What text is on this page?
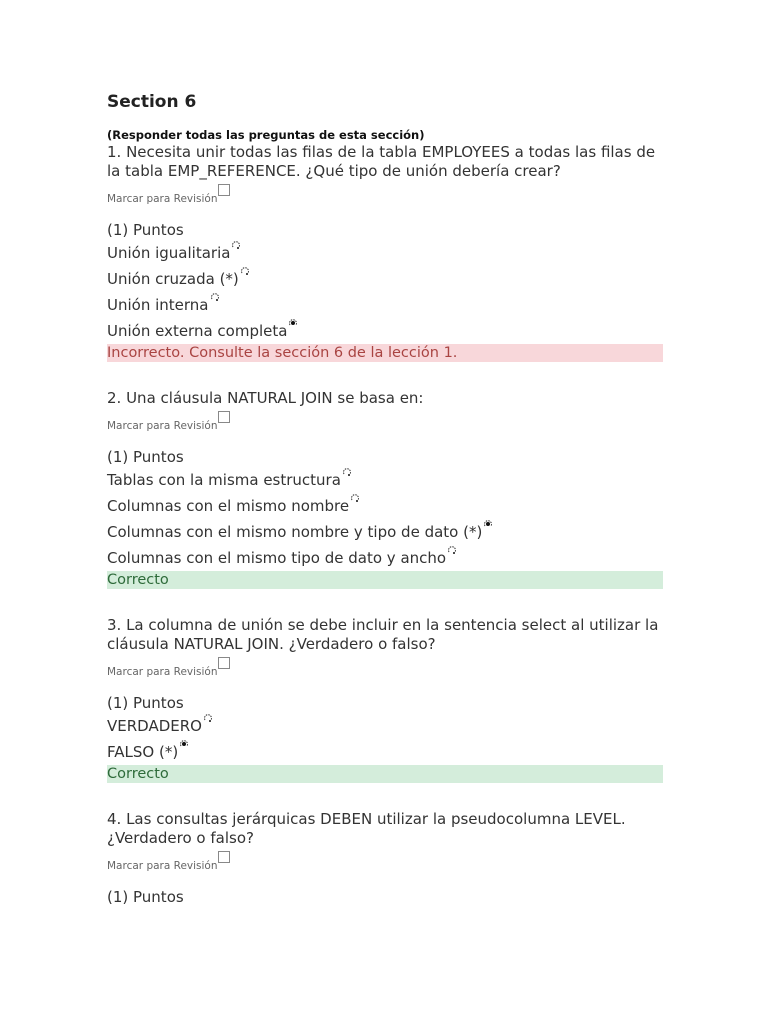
Section 6
(Responder todas las preguntas de esta sección)
1. Necesita unir todas las filas de la tabla EMPLOYEES a todas las filas de la tabla EMP_REFERENCE. ¿Qué tipo de unión debería crear?
Marcar para Revisión
(1) Puntos
Unión igualitaria
Unión cruzada (*)
Unión interna
Unión externa completa
Incorrecto. Consulte la sección 6 de la lección 1.
2. Una cláusula NATURAL JOIN se basa en:
Marcar para Revisión
(1) Puntos
Tablas con la misma estructura
Columnas con el mismo nombre
Columnas con el mismo nombre y tipo de dato (*)
Columnas con el mismo tipo de dato y ancho
Correcto
3. La columna de unión se debe incluir en la sentencia select al utilizar la cláusula NATURAL JOIN. ¿Verdadero o falso?
Marcar para Revisión
(1) Puntos
VERDADERO
FALSO (*)
Correcto
4. Las consultas jerárquicas DEBEN utilizar la pseudocolumna LEVEL. ¿Verdadero o falso?
Marcar para Revisión
(1) Puntos
